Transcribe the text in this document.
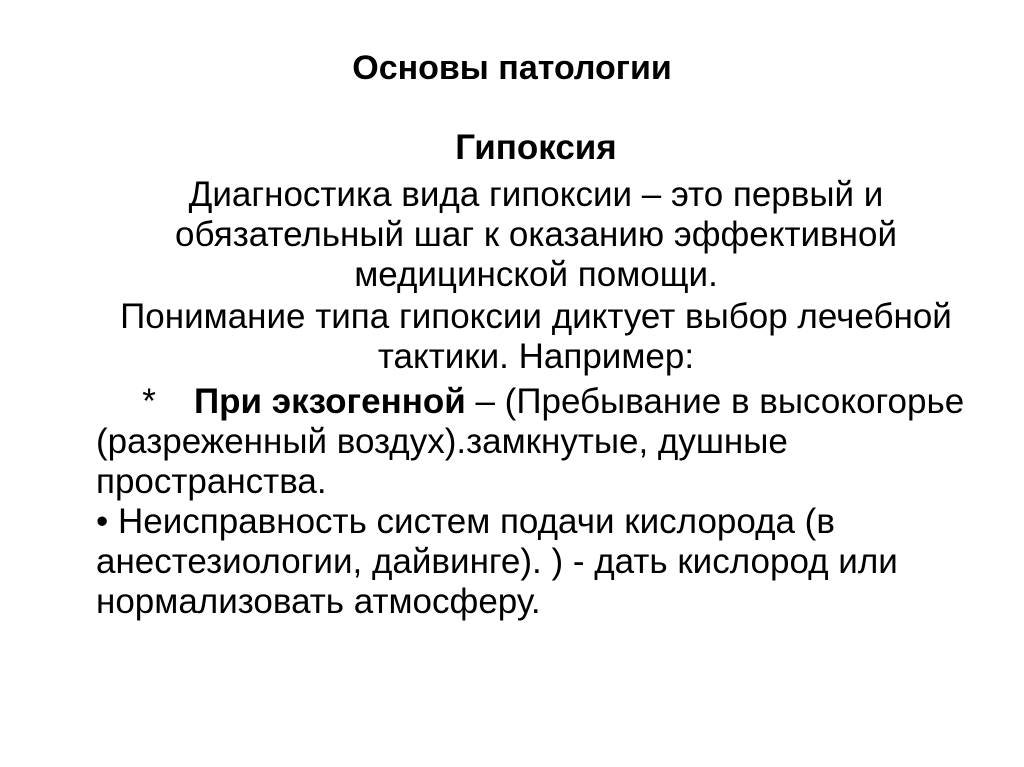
Основы патологии
Гипоксия
Диагностика вида гипоксии – это первый и обязательный шаг к оказанию эффективной медицинской помощи.
Понимание типа гипоксии диктует выбор лечебной тактики. Например:
* При экзогенной – (Пребывание в высокогорье (разреженный воздух).замкнутые, душные пространства.
• Неисправность систем подачи кислорода (в анестезиологии, дайвинге). ) - дать кислород или нормализовать атмосферу.
